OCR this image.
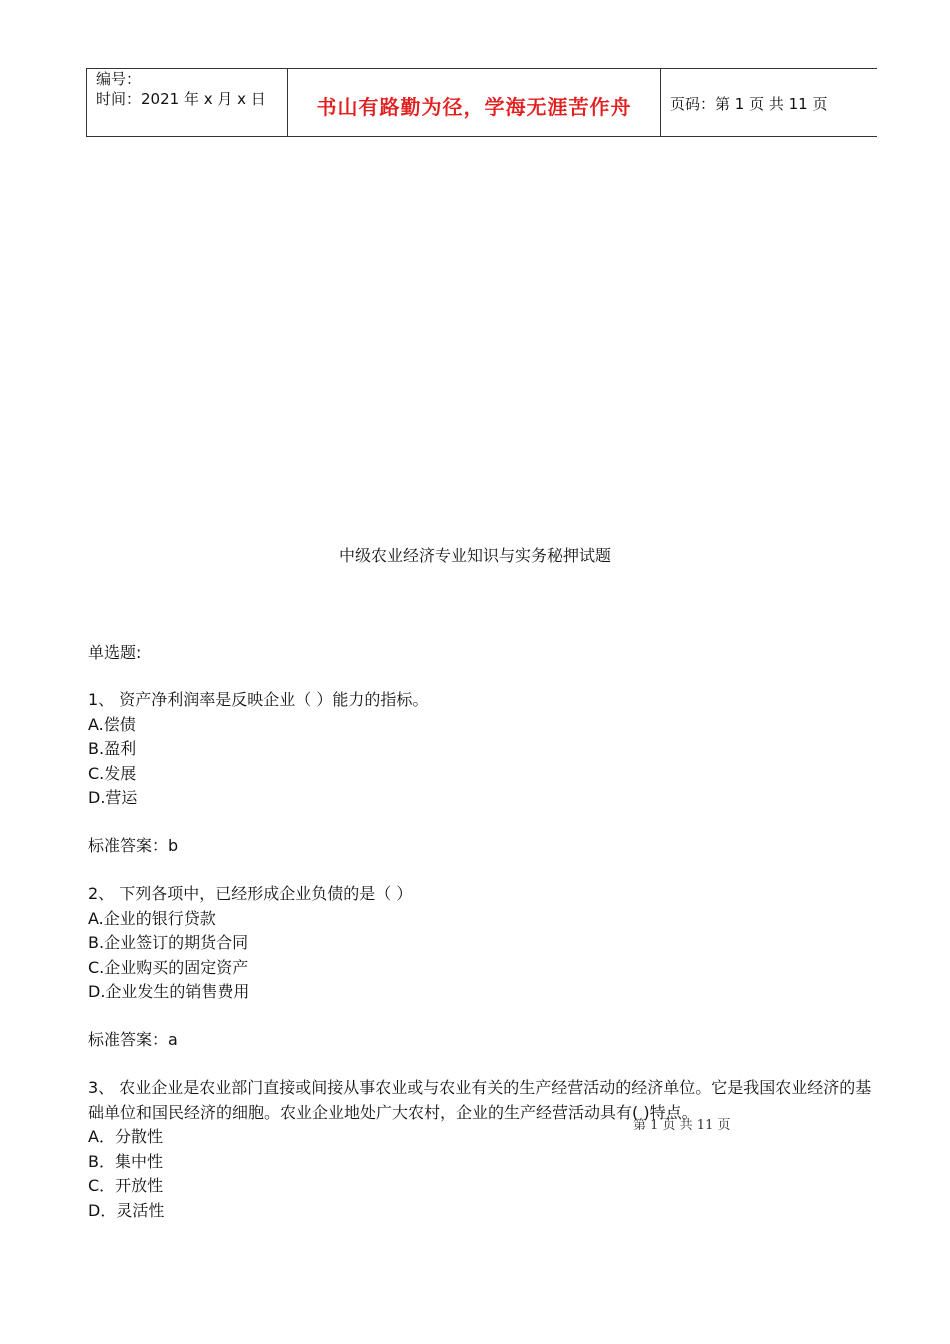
编号：
时间：2021 年 x 月 x 日	书山有路勤为径，学海无涯苦作舟	页码：第 1 页 共 11 页
中级农业经济专业知识与实务秘押试题
单选题:
1、 资产净利润率是反映企业（ ）能力的指标。
A.偿债
B.盈利
C.发展
D.营运
标准答案：b
2、 下列各项中，已经形成企业负债的是（ ）
A.企业的银行贷款
B.企业签订的期货合同
C.企业购买的固定资产
D.企业发生的销售费用
标准答案：a
3、 农业企业是农业部门直接或间接从事农业或与农业有关的生产经营活动的经济单位。它是我国农业经济的基础单位和国民经济的细胞。农业企业地处广大农村，企业的生产经营活动具有( )特点。
A．分散性
B．集中性
C．开放性
D．灵活性
第 1 页 共 11 页
